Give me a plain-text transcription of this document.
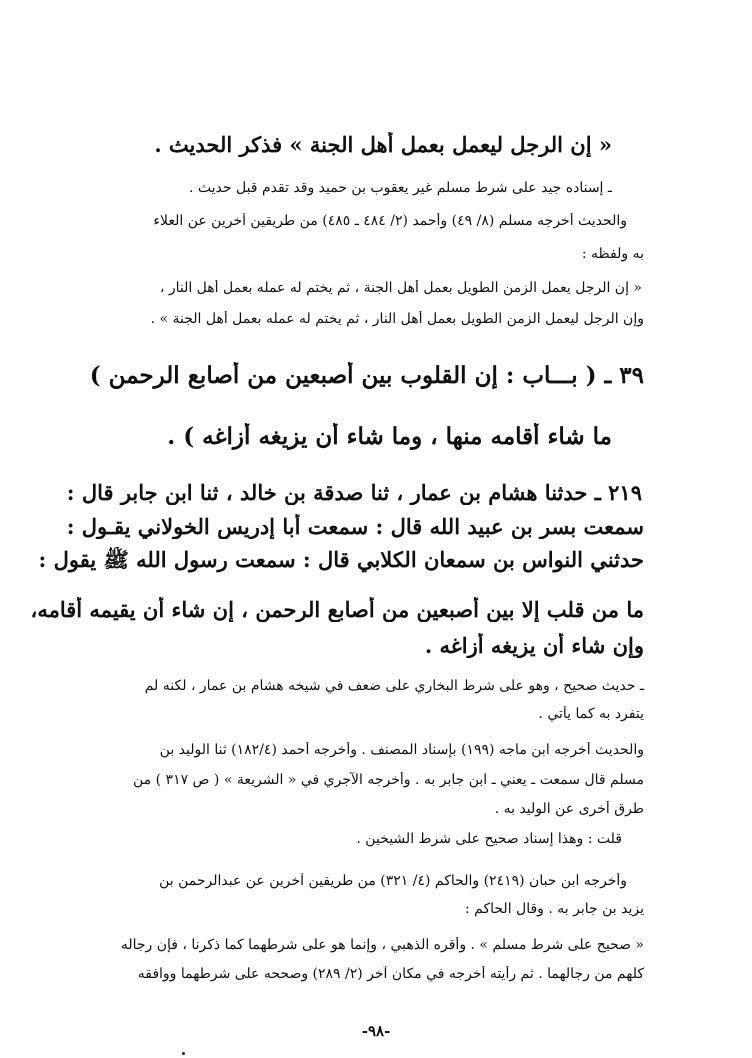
« إن الرجل ليعمل بعمل أهل الجنة » فذكر الحديث .
ـ إسناده جيد على شرط مسلم غير يعقوب بن حميد وقد تقدم قبل حديث .
والحديث أخرجه مسلم (٨/ ٤٩) وأحمد (٢/ ٤٨٤ ـ ٤٨٥) من طريقين آخرين عن العلاء
به ولفظه :
« إن الرجل يعمل الزمن الطويل بعمل أهل الجنة ، ثم يختم له عمله بعمل أهل النار ،
وإن الرجل ليعمل الزمن الطويل بعمل أهل النار ، ثم يختم له عمله بعمل أهل الجنة » .
٣٩ ـ ( بـــاب : إن القلوب بين أصبعين من أصابع الرحمن )
ما شاء أقامه منها ، وما شاء أن يزيغه أزاغه ) .
٢١٩ ـ حدثنا هشام بن عمار ، ثنا صدقة بن خالد ، ثنا ابن جابر قال :
سمعت بسر بن عبيد الله قال : سمعت أبا إدريس الخولاني يقـول :
حدثني النواس بن سمعان الكلابي قال : سمعت رسول الله ﷺ يقول :
ما من قلب إلا بين أصبعين من أصابع الرحمن ، إن شاء أن يقيمه أقامه،
وإن شاء أن يزيغه أزاغه .
ـ حديث صحيح ، وهو على شرط البخاري على ضعف في شيخه هشام بن عمار ، لكنه لم
يتفرد به كما يأتي .
والحديث أخرجه ابن ماجه (١٩٩) بإسناد المصنف . وأخرجه أحمد (١٨٢/٤) ثنا الوليد بن
مسلم قال سمعت ـ يعني ـ ابن جابر به . وأخرجه الآجري في « الشريعة » ( ص ٣١٧ ) من
طرق أخرى عن الوليد به .
قلت : وهذا إسناد صحيح على شرط الشيخين .
وأخرجه ابن حبان (٢٤١٩) والحاكم (٤/ ٣٢١) من طريقين آخرين عن عبدالرحمن بن
يزيد بن جابر به . وقال الحاكم :
« صحيح على شرط مسلم » . وأقره الذهبي ، وإنما هو على شرطهما كما ذكرنا ، فإن رجاله
كلهم من رجالهما . ثم رأيته أخرجه في مكان آخر (٢/ ٢٨٩) وصححه على شرطهما ووافقه
-٩٨-
